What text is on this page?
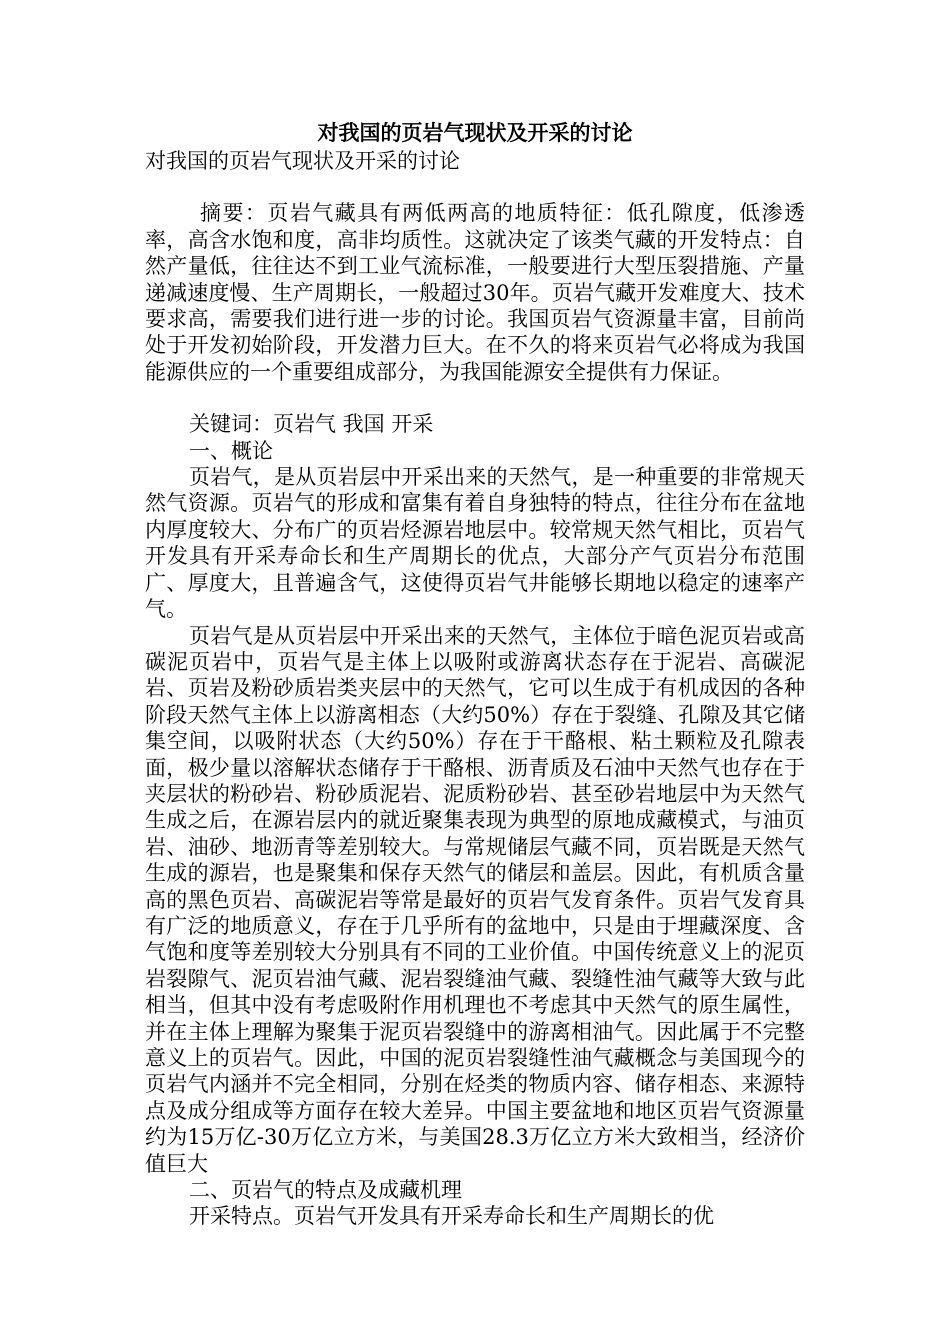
对我国的页岩气现状及开采的讨论

对我国的页岩气现状及开采的讨论

摘要：页岩气藏具有两低两高的地质特征：低孔隙度，低渗透率，高含水饱和度，高非均质性。这就决定了该类气藏的开发特点：自然产量低，往往达不到工业气流标准，一般要进行大型压裂措施、产量递减速度慢、生产周期长，一般超过30年。页岩气藏开发难度大、技术要求高，需要我们进行进一步的讨论。我国页岩气资源量丰富，目前尚处于开发初始阶段，开发潜力巨大。在不久的将来页岩气必将成为我国能源供应的一个重要组成部分，为我国能源安全提供有力保证。

关键词：页岩气 我国 开采

一、概论

页岩气，是从页岩层中开采出来的天然气，是一种重要的非常规天然气资源。页岩气的形成和富集有着自身独特的特点，往往分布在盆地内厚度较大、分布广的页岩烃源岩地层中。较常规天然气相比，页岩气开发具有开采寿命长和生产周期长的优点，大部分产气页岩分布范围广、厚度大，且普遍含气，这使得页岩气井能够长期地以稳定的速率产气。

页岩气是从页岩层中开采出来的天然气，主体位于暗色泥页岩或高碳泥页岩中，页岩气是主体上以吸附或游离状态存在于泥岩、高碳泥岩、页岩及粉砂质岩类夹层中的天然气，它可以生成于有机成因的各种阶段天然气主体上以游离相态（大约50%）存在于裂缝、孔隙及其它储集空间，以吸附状态（大约50%）存在于干酪根、粘土颗粒及孔隙表面，极少量以溶解状态储存于干酪根、沥青质及石油中天然气也存在于夹层状的粉砂岩、粉砂质泥岩、泥质粉砂岩、甚至砂岩地层中为天然气生成之后，在源岩层内的就近聚集表现为典型的原地成藏模式，与油页岩、油砂、地沥青等差别较大。与常规储层气藏不同，页岩既是天然气生成的源岩，也是聚集和保存天然气的储层和盖层。因此，有机质含量高的黑色页岩、高碳泥岩等常是最好的页岩气发育条件。页岩气发育具有广泛的地质意义，存在于几乎所有的盆地中，只是由于埋藏深度、含气饱和度等差别较大分别具有不同的工业价值。中国传统意义上的泥页岩裂隙气、泥页岩油气藏、泥岩裂缝油气藏、裂缝性油气藏等大致与此相当，但其中没有考虑吸附作用机理也不考虑其中天然气的原生属性，并在主体上理解为聚集于泥页岩裂缝中的游离相油气。因此属于不完整意义上的页岩气。因此，中国的泥页岩裂缝性油气藏概念与美国现今的页岩气内涵并不完全相同，分别在烃类的物质内容、储存相态、来源特点及成分组成等方面存在较大差异。中国主要盆地和地区页岩气资源量约为15万亿-30万亿立方米，与美国28.3万亿立方米大致相当，经济价值巨大

二、页岩气的特点及成藏机理

开采特点。页岩气开发具有开采寿命长和生产周期长的优
